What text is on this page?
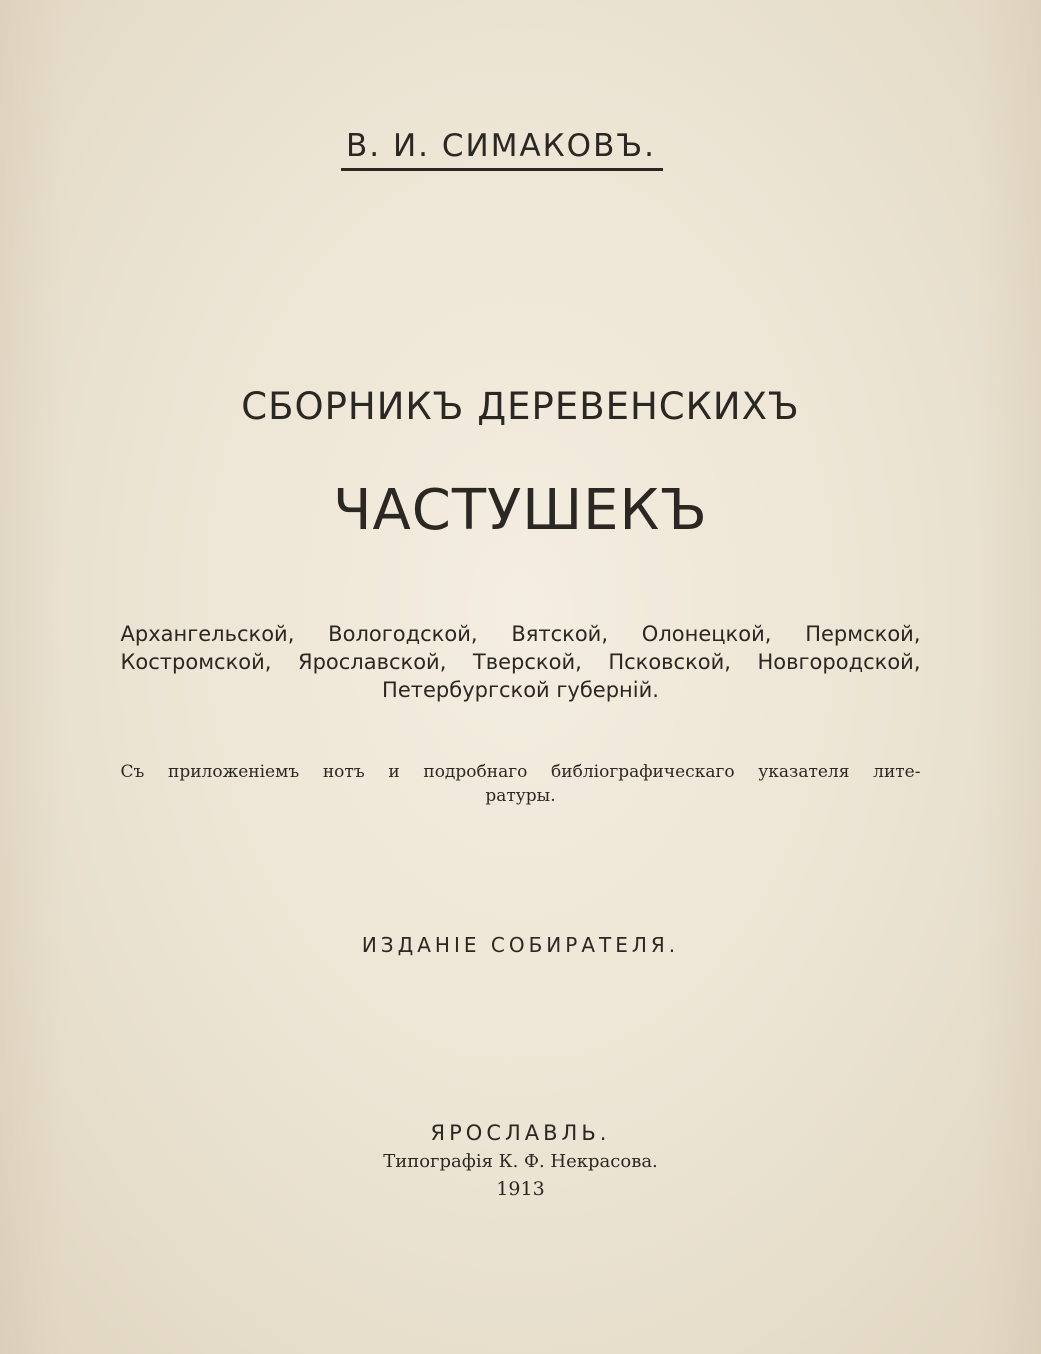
В. И. СИМАКОВЪ.
СБОРНИКЪ ДЕРЕВЕНСКИХЪ
ЧАСТУШЕКЪ
Архангельской, Вологодской, Вятской, Олонецкой, Пермской,
Костромской, Ярославской, Тверской, Псковской, Новгородской,
Петербургской губерній.
Съ приложеніемъ нотъ и подробнаго библіографическаго указателя лите-
ратуры.
ИЗДАНІЕ СОБИРАТЕЛЯ.
ЯРОСЛАВЛЬ.
Типографія К. Ф. Некрасова.
1913
